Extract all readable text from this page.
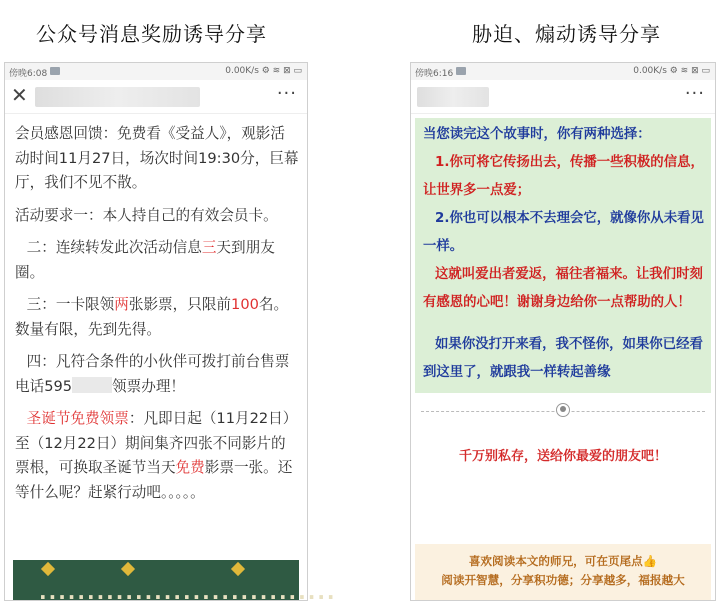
公众号消息奖励诱导分享	胁迫、煽动诱导分享
傍晚6:08	0.00K/s ⚙ ≋ ⊠ ▭
✕	···

会员感恩回馈：免费看《受益人》，观影活动时间11月27日，场次时间19:30分，巨幕厅，我们不见不散。

活动要求一：本人持自己的有效会员卡。

二：连续转发此次活动信息三天到朋友圈。

三：一卡限领两张影票，只限前100名。数量有限，先到先得。

四：凡符合条件的小伙伴可拨打前台售票电话595	领票办理！

圣诞节免费领票：凡即日起（11月22日）至（12月22日）期间集齐四张不同影片的票根，可换取圣诞节当天免费影票一张。还等什么呢？赶紧行动吧。。。。。

...............................
傍晚6:16	0.00K/s ⚙ ≋ ⊠ ▭
···

当您读完这个故事时，你有两种选择：

1.你可将它传扬出去，传播一些积极的信息，让世界多一点爱；

2.你也可以根本不去理会它，就像你从未看见一样。

这就叫爱出者爱返，福往者福来。让我们时刻有感恩的心吧！谢谢身边给你一点帮助的人！

如果你没打开来看，我不怪你，如果你已经看到这里了，就跟我一样转起善缘

千万别私存，送给你最爱的朋友吧！
喜欢阅读本文的师兄，可在页尾点👍
阅读开智慧，分享积功德；分享越多，福报越大
